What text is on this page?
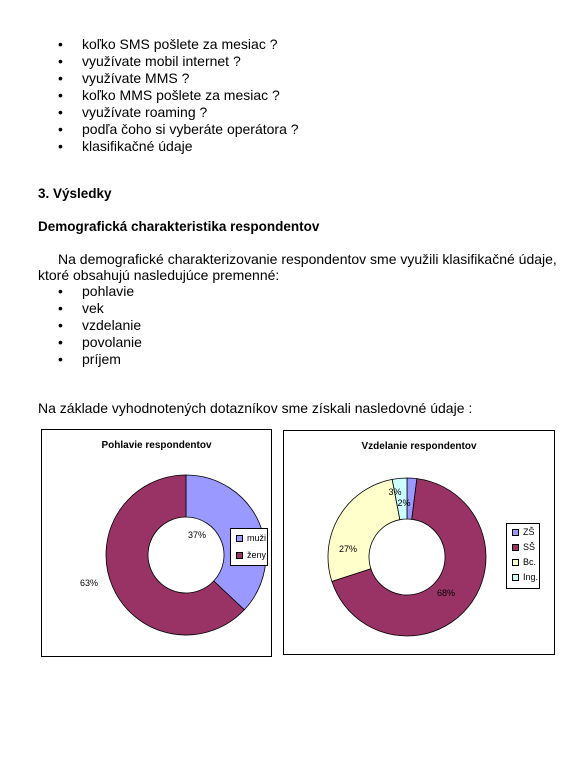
• koľko SMS pošlete za mesiac ?
• využívate mobil internet ?
• využívate MMS ?
• koľko MMS pošlete za mesiac ?
• využívate roaming ?
• podľa čoho si vyberáte operátora ?
• klasifikačné údaje
3. Výsledky
Demografická charakteristika respondentov
Na demografické charakterizovanie respondentov sme využili klasifikačné údaje,
ktoré obsahujú nasledujúce premenné:
• pohlavie
• vek
• vzdelanie
• povolanie
• príjem
Na základe vyhodnotených dotazníkov sme získali nasledovné údaje :
Pohlavie respondentov
37%
63%
muži
ženy
Vzdelanie respondentov
2%
68%
27%
3%
ZŠ
SŠ
Bc.
Ing.
